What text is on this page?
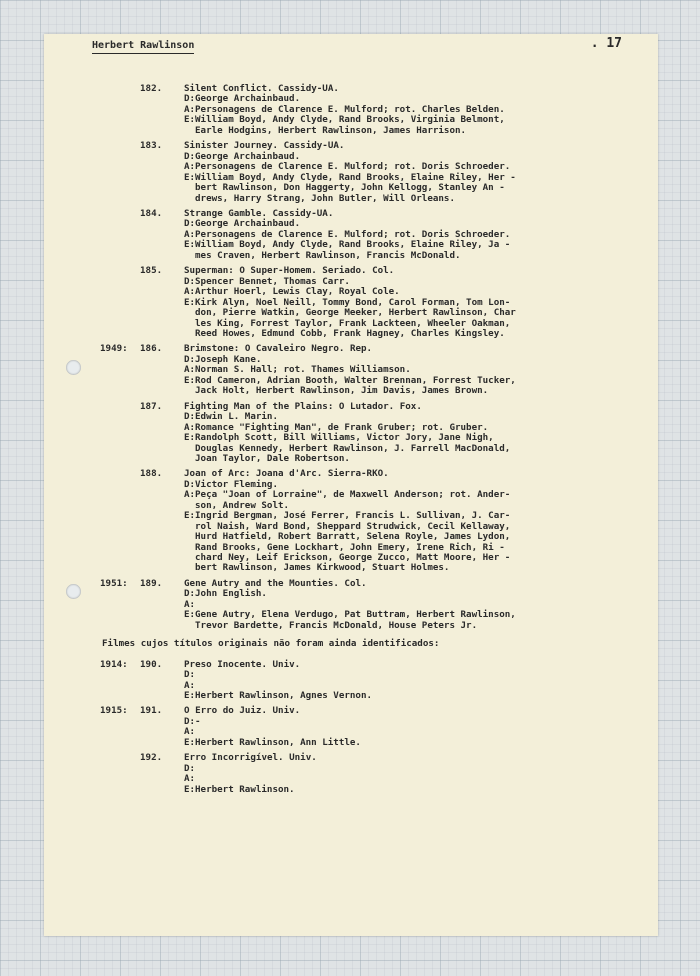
Herbert Rawlinson	. 17
182. Silent Conflict. Cassidy-UA.
D: George Archainbaud.
A: Personagens de Clarence E. Mulford; rot. Charles Belden.
E: William Boyd, Andy Clyde, Rand Brooks, Virginia Belmont,
Earle Hodgins, Herbert Rawlinson, James Harrison.
183. Sinister Journey. Cassidy-UA.
D: George Archainbaud.
A: Personagens de Clarence E. Mulford; rot. Doris Schroeder.
E: William Boyd, Andy Clyde, Rand Brooks, Elaine Riley, Her -
bert Rawlinson, Don Haggerty, John Kellogg, Stanley An -
drews, Harry Strang, John Butler, Will Orleans.
184. Strange Gamble. Cassidy-UA.
D: George Archainbaud.
A: Personagens de Clarence E. Mulford; rot. Doris Schroeder.
E: William Boyd, Andy Clyde, Rand Brooks, Elaine Riley, Ja -
mes Craven, Herbert Rawlinson, Francis McDonald.
185. Superman: O Super-Homem. Seriado. Col.
D: Spencer Bennet, Thomas Carr.
A: Arthur Hoerl, Lewis Clay, Royal Cole.
E: Kirk Alyn, Noel Neill, Tommy Bond, Carol Forman, Tom Lon-
don, Pierre Watkin, George Meeker, Herbert Rawlinson, Char
les King, Forrest Taylor, Frank Lackteen, Wheeler Oakman,
Reed Howes, Edmund Cobb, Frank Hagney, Charles Kingsley.
1949: 186. Brimstone: O Cavaleiro Negro. Rep.
D: Joseph Kane.
A: Norman S. Hall; rot. Thames Williamson.
E: Rod Cameron, Adrian Booth, Walter Brennan, Forrest Tucker,
Jack Holt, Herbert Rawlinson, Jim Davis, James Brown.
187. Fighting Man of the Plains: O Lutador. Fox.
D: Edwin L. Marin.
A: Romance "Fighting Man", de Frank Gruber; rot. Gruber.
E: Randolph Scott, Bill Williams, Victor Jory, Jane Nigh,
Douglas Kennedy, Herbert Rawlinson, J. Farrell MacDonald,
Joan Taylor, Dale Robertson.
188. Joan of Arc: Joana d'Arc. Sierra-RKO.
D: Victor Fleming.
A: Peça "Joan of Lorraine", de Maxwell Anderson; rot. Ander-
son, Andrew Solt.
E: Ingrid Bergman, José Ferrer, Francis L. Sullivan, J. Car-
rol Naish, Ward Bond, Sheppard Strudwick, Cecil Kellaway,
Hurd Hatfield, Robert Barratt, Selena Royle, James Lydon,
Rand Brooks, Gene Lockhart, John Emery, Irene Rich, Ri -
chard Ney, Leif Erickson, George Zucco, Matt Moore, Her -
bert Rawlinson, James Kirkwood, Stuart Holmes.
1951: 189. Gene Autry and the Mounties. Col.
D: John English.
A:
E: Gene Autry, Elena Verdugo, Pat Buttram, Herbert Rawlinson,
Trevor Bardette, Francis McDonald, House Peters Jr.
Filmes cujos títulos originais não foram ainda identificados:
1914: 190. Preso Inocente. Univ.
D:
A:
E: Herbert Rawlinson, Agnes Vernon.
1915: 191. O Erro do Juiz. Univ.
D: -
A:
E: Herbert Rawlinson, Ann Little.
192. Erro Incorrigível. Univ.
D:
A:
E: Herbert Rawlinson.
